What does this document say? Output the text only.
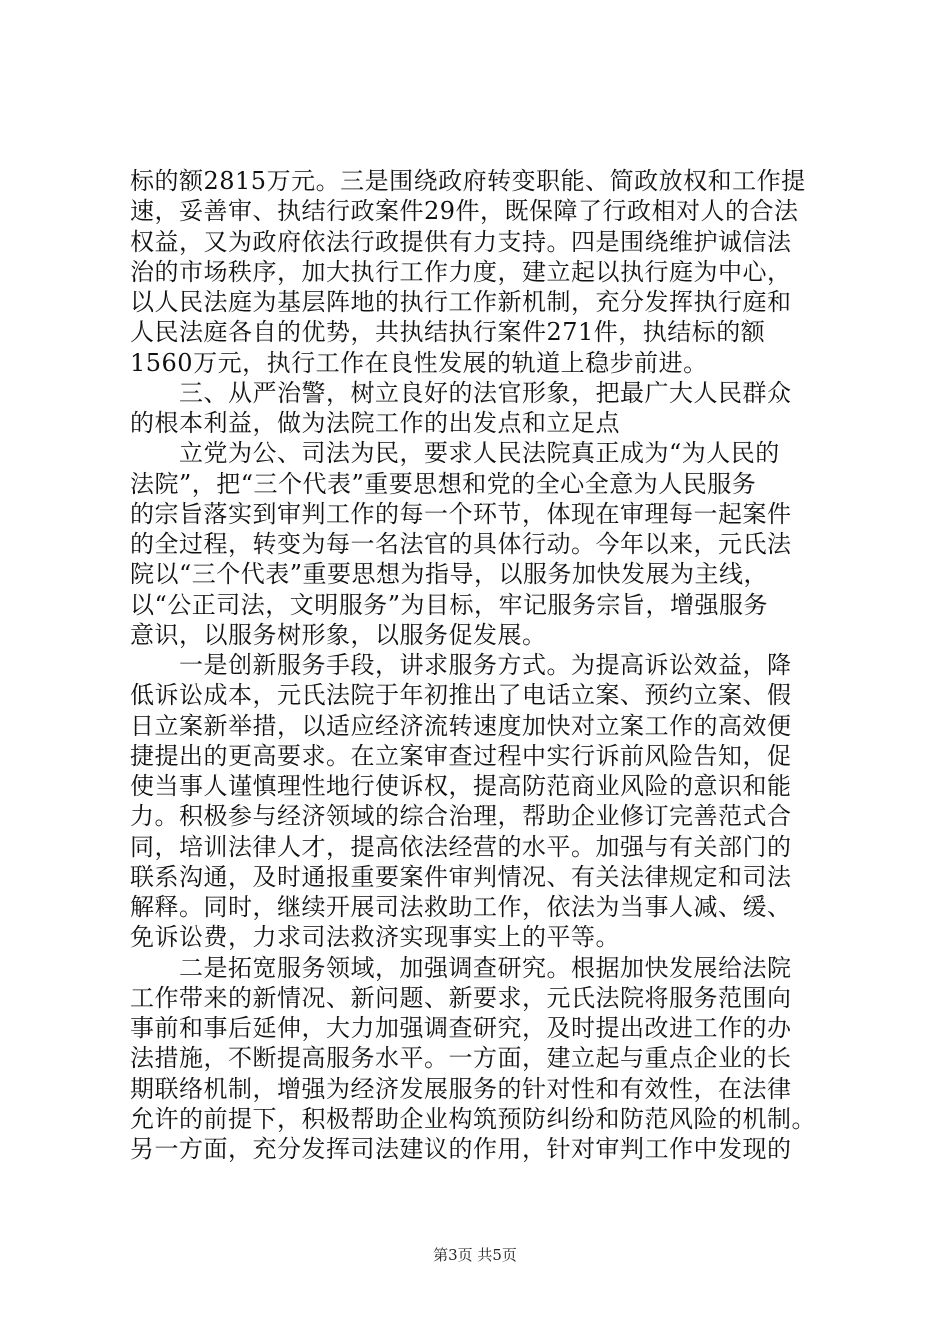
标的额2815万元。三是围绕政府转变职能、简政放权和工作提
速，妥善审、执结行政案件29件，既保障了行政相对人的合法
权益，又为政府依法行政提供有力支持。四是围绕维护诚信法
治的市场秩序，加大执行工作力度，建立起以执行庭为中心，
以人民法庭为基层阵地的执行工作新机制，充分发挥执行庭和
人民法庭各自的优势，共执结执行案件271件，执结标的额
1560万元，执行工作在良性发展的轨道上稳步前进。
　　三、从严治警，树立良好的法官形象，把最广大人民群众
的根本利益，做为法院工作的出发点和立足点
　　立党为公、司法为民，要求人民法院真正成为“为人民的
法院”，把“三个代表”重要思想和党的全心全意为人民服务
的宗旨落实到审判工作的每一个环节，体现在审理每一起案件
的全过程，转变为每一名法官的具体行动。今年以来，元氏法
院以“三个代表”重要思想为指导，以服务加快发展为主线，
以“公正司法，文明服务”为目标，牢记服务宗旨，增强服务
意识，以服务树形象，以服务促发展。
　　一是创新服务手段，讲求服务方式。为提高诉讼效益，降
低诉讼成本，元氏法院于年初推出了电话立案、预约立案、假
日立案新举措，以适应经济流转速度加快对立案工作的高效便
捷提出的更高要求。在立案审查过程中实行诉前风险告知，促
使当事人谨慎理性地行使诉权，提高防范商业风险的意识和能
力。积极参与经济领域的综合治理，帮助企业修订完善范式合
同，培训法律人才，提高依法经营的水平。加强与有关部门的
联系沟通，及时通报重要案件审判情况、有关法律规定和司法
解释。同时，继续开展司法救助工作，依法为当事人减、缓、
免诉讼费，力求司法救济实现事实上的平等。
　　二是拓宽服务领域，加强调查研究。根据加快发展给法院
工作带来的新情况、新问题、新要求，元氏法院将服务范围向
事前和事后延伸，大力加强调查研究，及时提出改进工作的办
法措施，不断提高服务水平。一方面，建立起与重点企业的长
期联络机制，增强为经济发展服务的针对性和有效性，在法律
允许的前提下，积极帮助企业构筑预防纠纷和防范风险的机制。
另一方面，充分发挥司法建议的作用，针对审判工作中发现的
第3页 共5页
